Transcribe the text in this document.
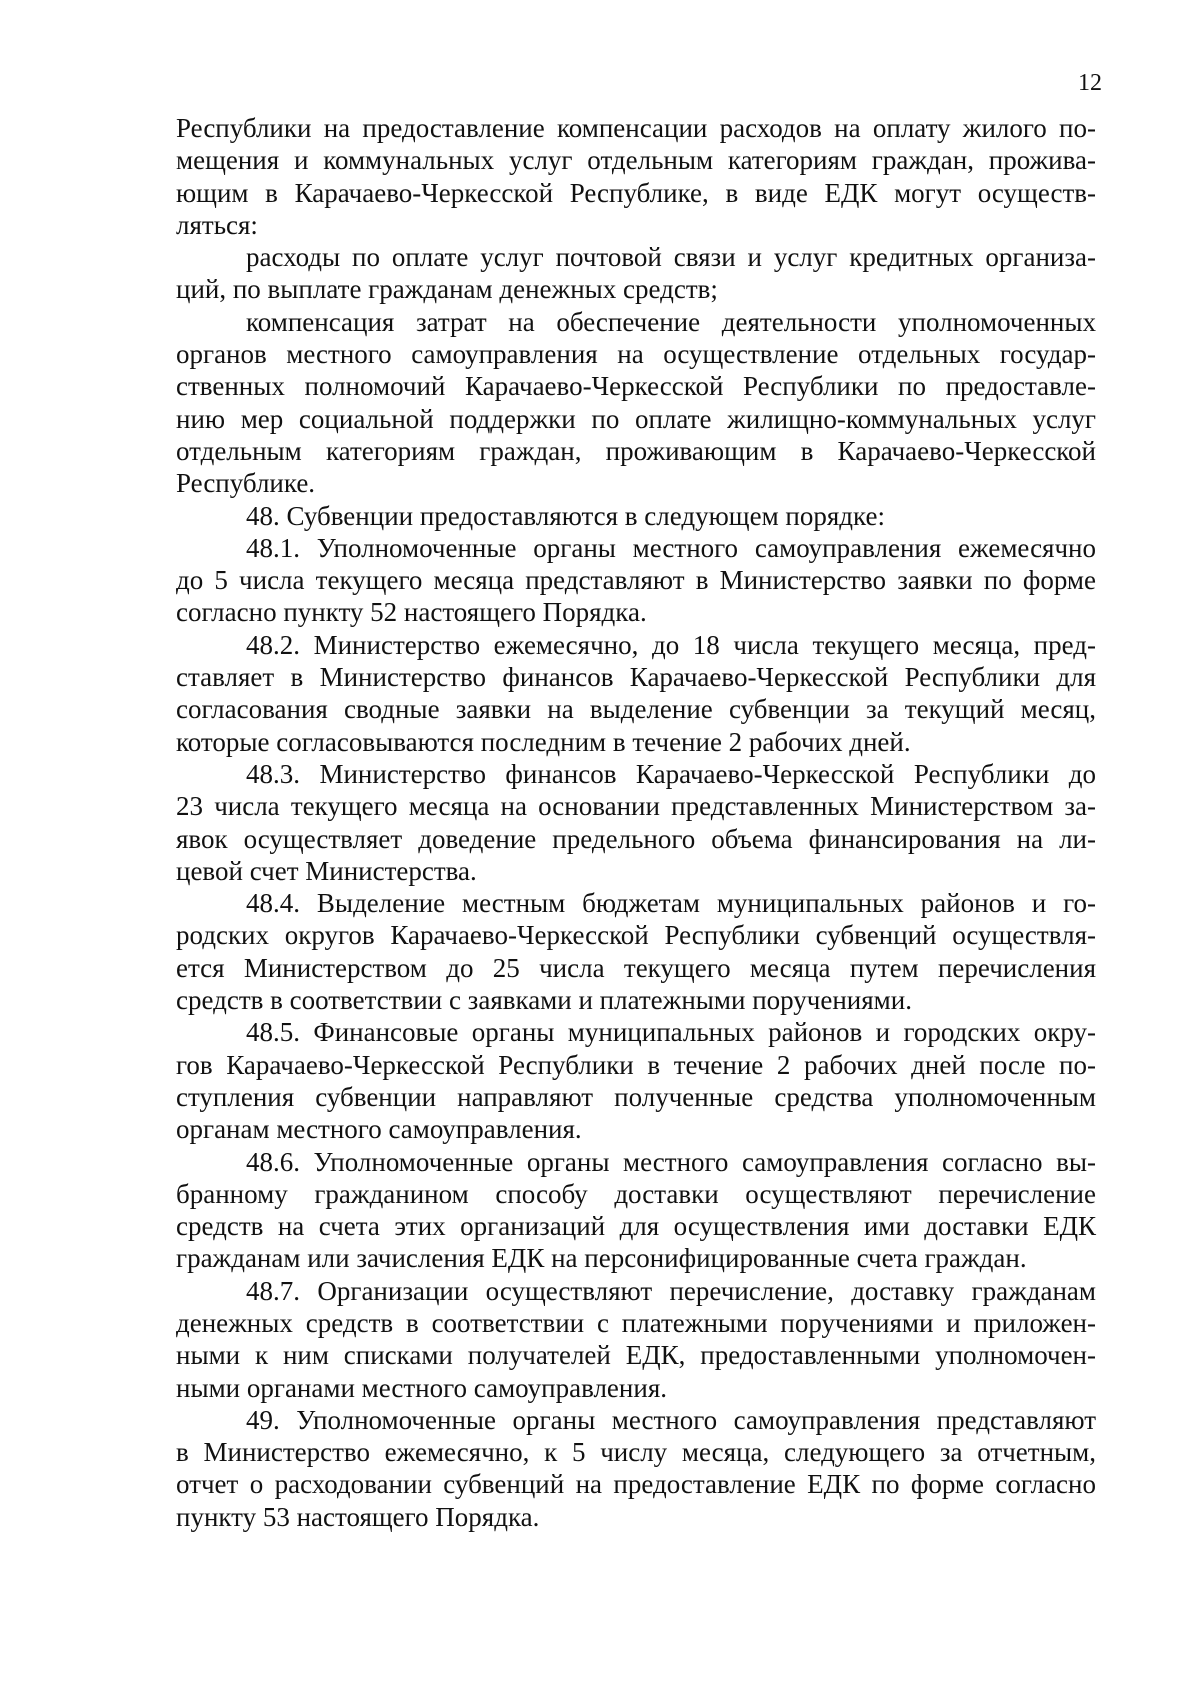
12

Республики на предоставление компенсации расходов на оплату жилого по-
мещения и коммунальных услуг отдельным категориям граждан, прожива-
ющим в Карачаево-Черкесской Республике, в виде ЕДК могут осуществ-
ляться:

расходы по оплате услуг почтовой связи и услуг кредитных организа-
ций, по выплате гражданам денежных средств;

компенсация затрат на обеспечение деятельности уполномоченных
органов местного самоуправления на осуществление отдельных государ-
ственных полномочий Карачаево-Черкесской Республики по предоставле-
нию мер социальной поддержки по оплате жилищно-коммунальных услуг
отдельным категориям граждан, проживающим в Карачаево-Черкесской
Республике.

48. Субвенции предоставляются в следующем порядке:

48.1. Уполномоченные органы местного самоуправления ежемесячно
до 5 числа текущего месяца представляют в Министерство заявки по форме
согласно пункту 52 настоящего Порядка.

48.2. Министерство ежемесячно, до 18 числа текущего месяца, пред-
ставляет в Министерство финансов Карачаево-Черкесской Республики для
согласования сводные заявки на выделение субвенции за текущий месяц,
которые согласовываются последним в течение 2 рабочих дней.

48.3. Министерство финансов Карачаево-Черкесской Республики до
23 числа текущего месяца на основании представленных Министерством за-
явок осуществляет доведение предельного объема финансирования на ли-
цевой счет Министерства.

48.4. Выделение местным бюджетам муниципальных районов и го-
родских округов Карачаево-Черкесской Республики субвенций осуществля-
ется Министерством до 25 числа текущего месяца путем перечисления
средств в соответствии с заявками и платежными поручениями.

48.5. Финансовые органы муниципальных районов и городских окру-
гов Карачаево-Черкесской Республики в течение 2 рабочих дней после по-
ступления субвенции направляют полученные средства уполномоченным
органам местного самоуправления.

48.6. Уполномоченные органы местного самоуправления согласно вы-
бранному гражданином способу доставки осуществляют перечисление
средств на счета этих организаций для осуществления ими доставки ЕДК
гражданам или зачисления ЕДК на персонифицированные счета граждан.

48.7. Организации осуществляют перечисление, доставку гражданам
денежных средств в соответствии с платежными поручениями и приложен-
ными к ним списками получателей ЕДК, предоставленными уполномочен-
ными органами местного самоуправления.

49. Уполномоченные органы местного самоуправления представляют
в Министерство ежемесячно, к 5 числу месяца, следующего за отчетным,
отчет о расходовании субвенций на предоставление ЕДК по форме согласно
пункту 53 настоящего Порядка.
